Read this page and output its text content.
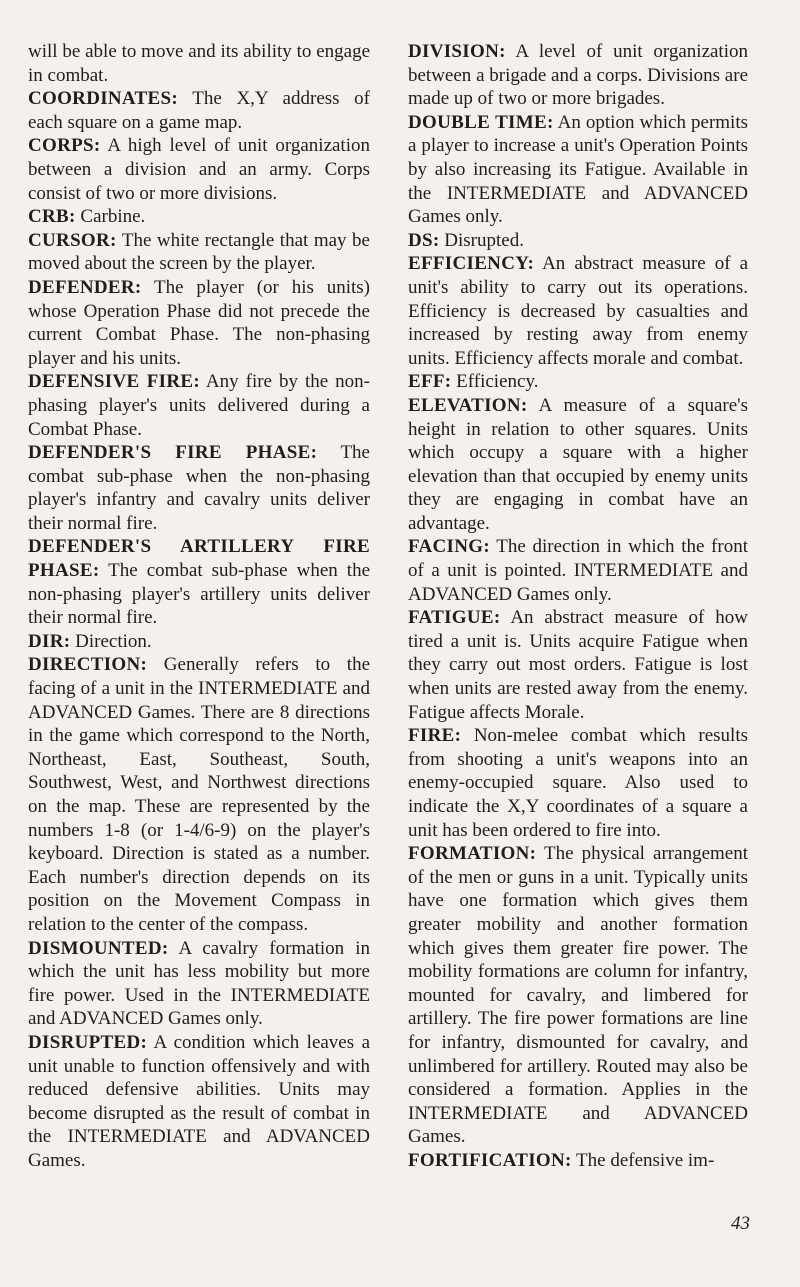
will be able to move and its ability to engage in combat.

COORDINATES: The X,Y address of each square on a game map.

CORPS: A high level of unit organization between a division and an army. Corps consist of two or more divisions.

CRB: Carbine.

CURSOR: The white rectangle that may be moved about the screen by the player.

DEFENDER: The player (or his units) whose Operation Phase did not precede the current Combat Phase. The non-phasing player and his units.

DEFENSIVE FIRE: Any fire by the non-phasing player's units delivered during a Combat Phase.

DEFENDER'S FIRE PHASE: The combat sub-phase when the non-phasing player's infantry and cavalry units deliver their normal fire.

DEFENDER'S ARTILLERY FIRE PHASE: The combat sub-phase when the non-phasing player's artillery units deliver their normal fire.

DIR: Direction.

DIRECTION: Generally refers to the facing of a unit in the INTERMEDIATE and ADVANCED Games. There are 8 directions in the game which correspond to the North, Northeast, East, Southeast, South, Southwest, West, and Northwest directions on the map. These are represented by the numbers 1-8 (or 1-4/6-9) on the player's keyboard. Direction is stated as a number. Each number's direction depends on its position on the Movement Compass in relation to the center of the compass.

DISMOUNTED: A cavalry formation in which the unit has less mobility but more fire power. Used in the INTERMEDIATE and ADVANCED Games only.

DISRUPTED: A condition which leaves a unit unable to function offensively and with reduced defensive abilities. Units may become disrupted as the result of combat in the INTERMEDIATE and ADVANCED Games.

DIVISION: A level of unit organization between a brigade and a corps. Divisions are made up of two or more brigades.

DOUBLE TIME: An option which permits a player to increase a unit's Operation Points by also increasing its Fatigue. Available in the INTERMEDIATE and ADVANCED Games only.

DS: Disrupted.

EFFICIENCY: An abstract measure of a unit's ability to carry out its operations. Efficiency is decreased by casualties and increased by resting away from enemy units. Efficiency affects morale and combat.

EFF: Efficiency.

ELEVATION: A measure of a square's height in relation to other squares. Units which occupy a square with a higher elevation than that occupied by enemy units they are engaging in combat have an advantage.

FACING: The direction in which the front of a unit is pointed. INTERMEDIATE and ADVANCED Games only.

FATIGUE: An abstract measure of how tired a unit is. Units acquire Fatigue when they carry out most orders. Fatigue is lost when units are rested away from the enemy. Fatigue affects Morale.

FIRE: Non-melee combat which results from shooting a unit's weapons into an enemy-occupied square. Also used to indicate the X,Y coordinates of a square a unit has been ordered to fire into.

FORMATION: The physical arrangement of the men or guns in a unit. Typically units have one formation which gives them greater mobility and another formation which gives them greater fire power. The mobility formations are column for infantry, mounted for cavalry, and limbered for artillery. The fire power formations are line for infantry, dismounted for cavalry, and unlimbered for artillery. Routed may also be considered a formation. Applies in the INTERMEDIATE and ADVANCED Games.

FORTIFICATION: The defensive im-

43
